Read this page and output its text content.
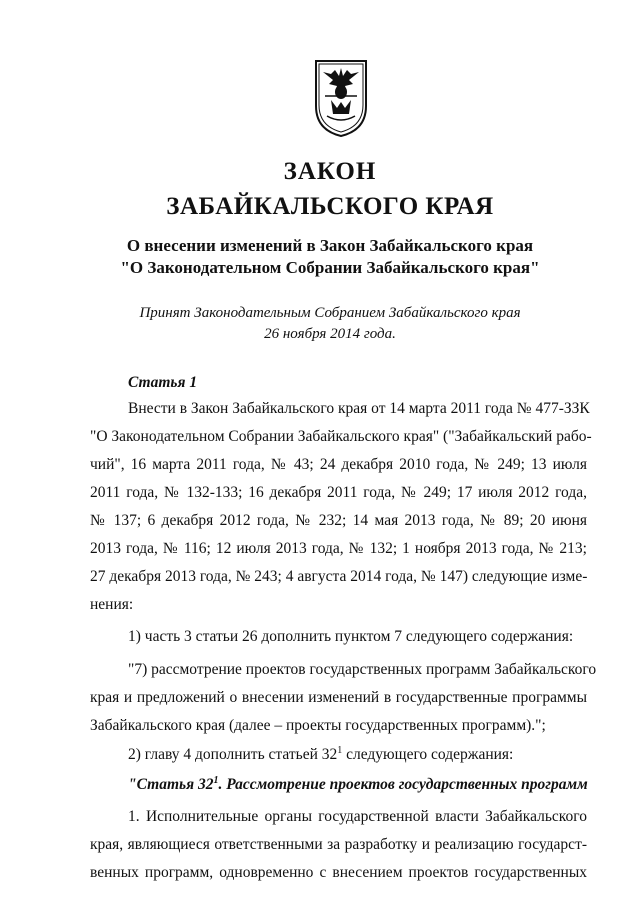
ЗАКОН
ЗАБАЙКАЛЬСКОГО КРАЯ
О внесении изменений в Закон Забайкальского края
"О Законодательном Собрании Забайкальского края"
Принят Законодательным Собранием Забайкальского края
26 ноября 2014 года.
Статья 1
Внести в Закон Забайкальского края от 14 марта 2011 года № 477-ЗЗК
"О Законодательном Собрании Забайкальского края" ("Забайкальский рабо-
чий", 16 марта 2011 года, № 43; 24 декабря 2010 года, № 249; 13 июля
2011 года, № 132-133; 16 декабря 2011 года, № 249; 17 июля 2012 года,
№ 137; 6 декабря 2012 года, № 232; 14 мая 2013 года, № 89; 20 июня
2013 года, № 116; 12 июля 2013 года, № 132; 1 ноября 2013 года, № 213;
27 декабря 2013 года, № 243; 4 августа 2014 года, № 147) следующие изме-
нения:
1) часть 3 статьи 26 дополнить пунктом 7 следующего содержания:
"7) рассмотрение проектов государственных программ Забайкальского
края и предложений о внесении изменений в государственные программы
Забайкальского края (далее – проекты государственных программ).";
2) главу 4 дополнить статьей $32^1$ следующего содержания:
"Статья $32^1$. Рассмотрение проектов государственных программ
1. Исполнительные органы государственной власти Забайкальского
края, являющиеся ответственными за разработку и реализацию государст-
венных программ, одновременно с внесением проектов государственных
